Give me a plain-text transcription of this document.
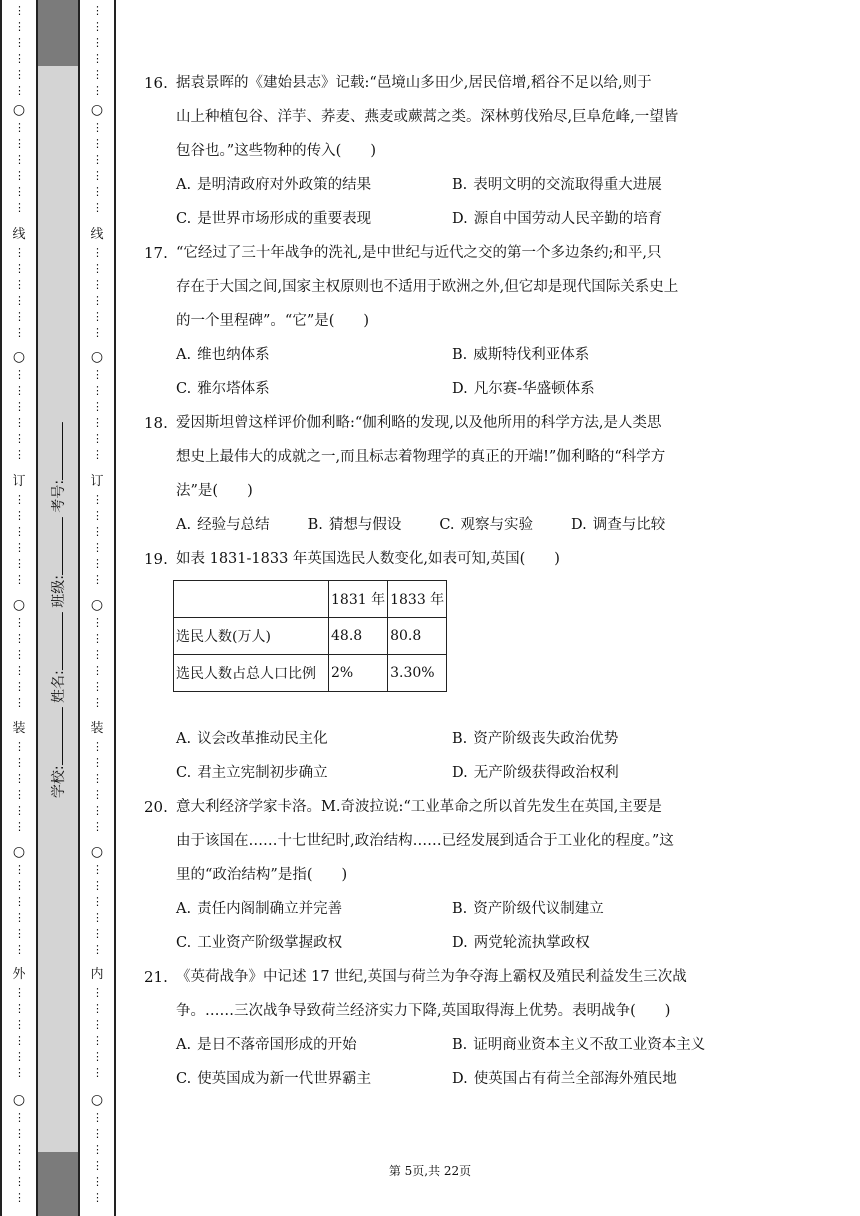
○
线
○
订
○
装
○
外
○
⋮
⋮
⋮
⋮
⋮
⋮
⋮
⋮
⋮
⋮
⋮
⋮
⋮
⋮
⋮
⋮
⋮
⋮
⋮
⋮
⋮
⋮
⋮
⋮
⋮
⋮
⋮
⋮
⋮
⋮
⋮
⋮
⋮
⋮
⋮
⋮
⋮
⋮
⋮
⋮
⋮
⋮
⋮
⋮
⋮
⋮
⋮
⋮
⋮
⋮
⋮
⋮
⋮
⋮
⋮
⋮
⋮
⋮
⋮
⋮
学校: 姓名: 班级: 考号:
○
线
○
订
○
装
○
内
○
⋮
⋮
⋮
⋮
⋮
⋮
⋮
⋮
⋮
⋮
⋮
⋮
⋮
⋮
⋮
⋮
⋮
⋮
⋮
⋮
⋮
⋮
⋮
⋮
⋮
⋮
⋮
⋮
⋮
⋮
⋮
⋮
⋮
⋮
⋮
⋮
⋮
⋮
⋮
⋮
⋮
⋮
⋮
⋮
⋮
⋮
⋮
⋮
⋮
⋮
⋮
⋮
⋮
⋮
⋮
⋮
⋮
⋮
⋮
⋮
16. 据袁景晖的《建始县志》记载:“邑境山多田少,居民倍增,稻谷不足以给,则于
山上种植包谷、洋芋、荞麦、燕麦或蕨蒿之类。深林剪伐殆尽,巨阜危峰,一望皆
包谷也。”这些物种的传入(　　)
A. 是明清政府对外政策的结果	B. 表明文明的交流取得重大进展
C. 是世界市场形成的重要表现	D. 源自中国劳动人民辛勤的培育
17. “它经过了三十年战争的洗礼,是中世纪与近代之交的第一个多边条约;和平,只
存在于大国之间,国家主权原则也不适用于欧洲之外,但它却是现代国际关系史上
的一个里程碑”。“它”是(　　)
A. 维也纳体系	B. 威斯特伐利亚体系
C. 雅尔塔体系	D. 凡尔赛-华盛顿体系
18. 爱因斯坦曾这样评价伽利略:“伽利略的发现,以及他所用的科学方法,是人类思
想史上最伟大的成就之一,而且标志着物理学的真正的开端!”伽利略的“科学方
法”是(　　)
A. 经验与总结	B. 猜想与假设	C. 观察与实验	D. 调查与比较
19. 如表 1831-1833 年英国选民人数变化,如表可知,英国(　　)
	1831 年	1833 年
选民人数(万人)	48.8	80.8
选民人数占总人口比例	2%	3.30%
A. 议会改革推动民主化	B. 资产阶级丧失政治优势
C. 君主立宪制初步确立	D. 无产阶级获得政治权利
20. 意大利经济学家卡洛。M.奇波拉说:“工业革命之所以首先发生在英国,主要是
由于该国在……十七世纪时,政治结构……已经发展到适合于工业化的程度。”这
里的“政治结构”是指(　　)
A. 责任内阁制确立并完善	B. 资产阶级代议制建立
C. 工业资产阶级掌握政权	D. 两党轮流执掌政权
21. 《英荷战争》中记述 17 世纪,英国与荷兰为争夺海上霸权及殖民利益发生三次战
争。……三次战争导致荷兰经济实力下降,英国取得海上优势。表明战争(　　)
A. 是日不落帝国形成的开始	B. 证明商业资本主义不敌工业资本主义
C. 使英国成为新一代世界霸主	D. 使英国占有荷兰全部海外殖民地
第 5页,共 22页
